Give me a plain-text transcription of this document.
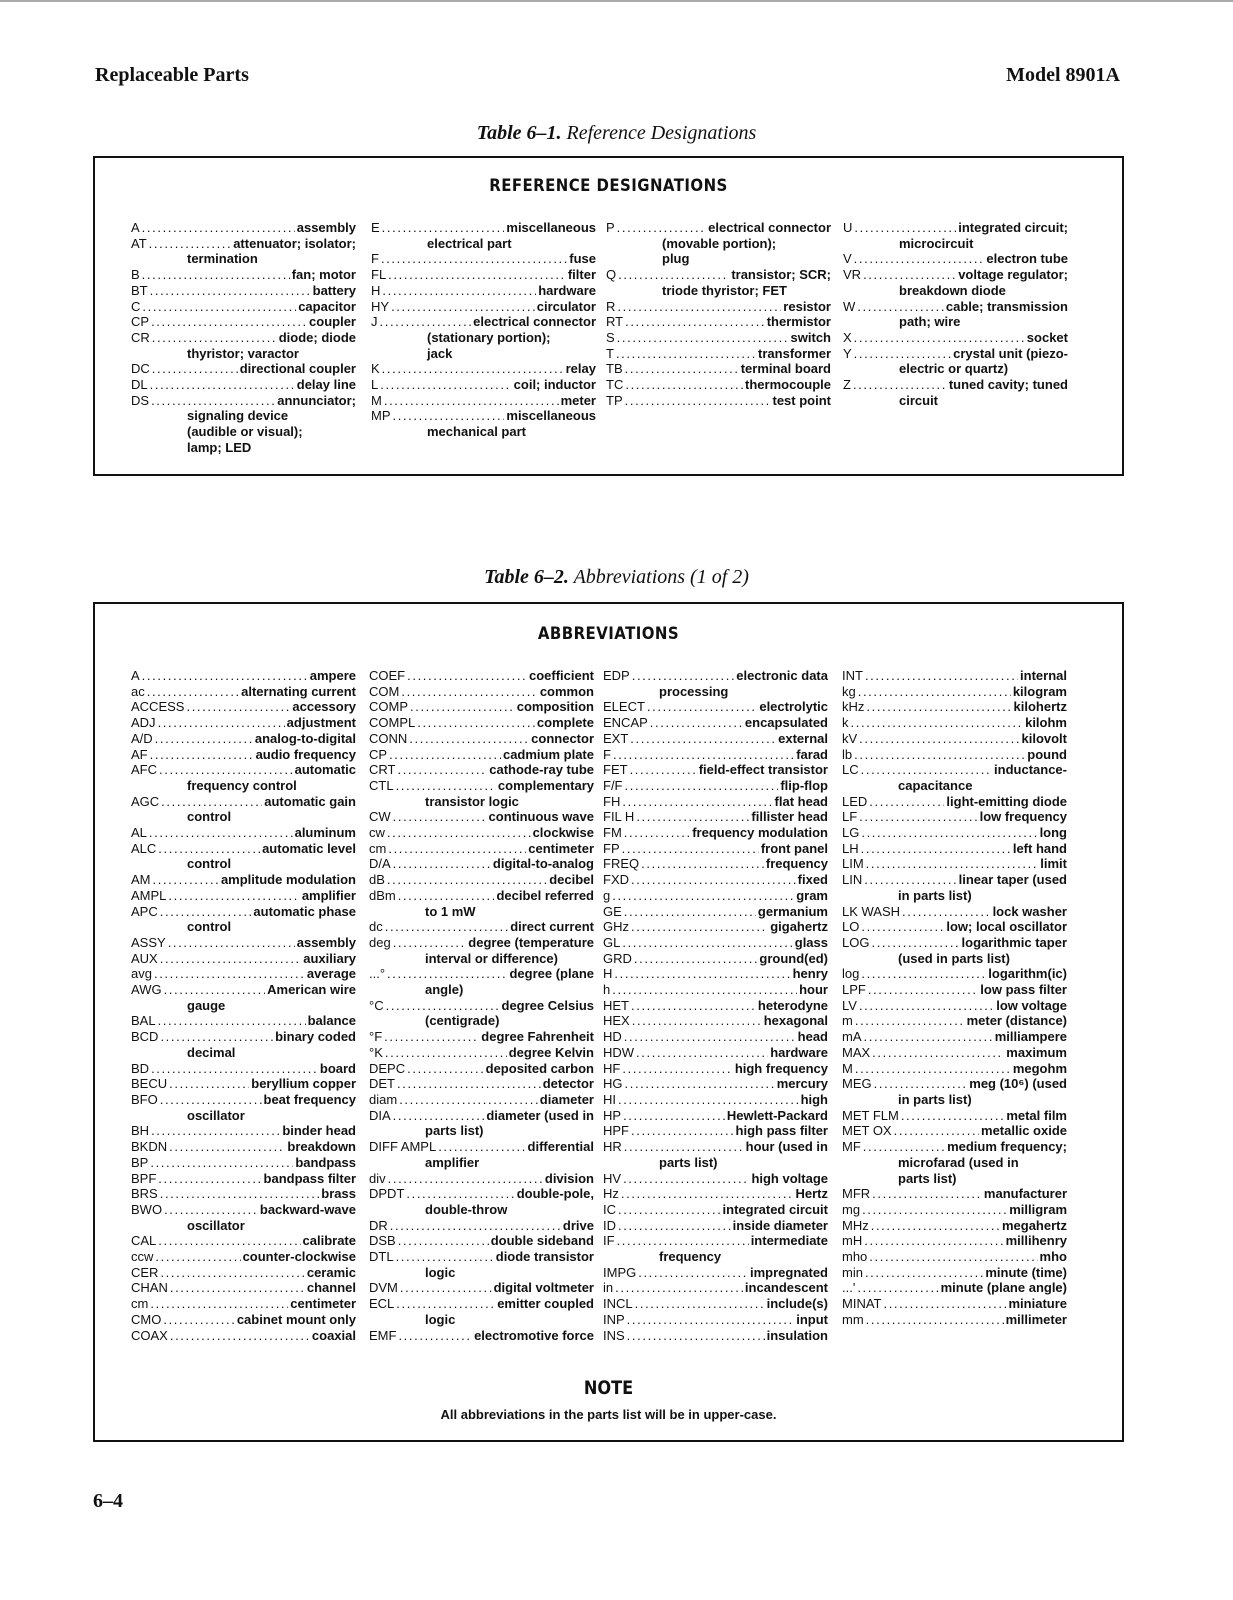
Replaceable Parts	Model 8901A
Table 6–1. Reference Designations
REFERENCE DESIGNATIONS
A . . .	assembly
AT . . .	attenuator; isolator;
termination
B . . .	fan; motor
BT . . .	battery
C . . .	capacitor
CP . . .	coupler
CR . . .	diode; diode
thyristor; varactor
DC . . .	directional coupler
DL . . .	delay line
DS . . .	annunciator;
signaling device
(audible or visual);
lamp; LED
E . . .	miscellaneous
electrical part
F . . .	fuse
FL . . .	filter
H . . .	hardware
HY . . .	circulator
J . . .	electrical connector
(stationary portion);
jack
K . . .	relay
L . . .	coil; inductor
M . . .	meter
MP . . .	miscellaneous
mechanical part
P . . .	electrical connector
(movable portion);
plug
Q . . .	transistor; SCR;
triode thyristor; FET
R . . .	resistor
RT . . .	thermistor
S . . .	switch
T . . .	transformer
TB . . .	terminal board
TC . . .	thermocouple
TP . . .	test point
U . . .	integrated circuit;
microcircuit
V . . .	electron tube
VR . . .	voltage regulator;
breakdown diode
W . . .	cable; transmission
path; wire
X . . .	socket
Y . . .	crystal unit (piezo-
electric or quartz)
Z . . .	tuned cavity; tuned
circuit
Table 6–2. Abbreviations (1 of 2)
ABBREVIATIONS
NOTE
All abbreviations in the parts list will be in upper-case.
A . . .	ampere
ac . . .	alternating current
ACCESS . . .	accessory
ADJ . . .	adjustment
A/D . . .	analog-to-digital
AF . . .	audio frequency
AFC . . .	automatic
frequency control
AGC . . .	automatic gain
control
AL . . .	aluminum
ALC . . .	automatic level
control
AM . . .	amplitude modulation
AMPL . . .	amplifier
APC . . .	automatic phase
control
ASSY . . .	assembly
AUX . . .	auxiliary
avg . . .	average
AWG . . .	American wire
gauge
BAL . . .	balance
BCD . . .	binary coded
decimal
BD . . .	board
BECU . . .	beryllium copper
BFO . . .	beat frequency
oscillator
BH . . .	binder head
BKDN . . .	breakdown
BP . . .	bandpass
BPF . . .	bandpass filter
BRS . . .	brass
BWO . . .	backward-wave
oscillator
CAL . . .	calibrate
ccw . . .	counter-clockwise
CER . . .	ceramic
CHAN . . .	channel
cm . . .	centimeter
CMO . . .	cabinet mount only
COAX . . .	coaxial
COEF . . .	coefficient
COM . . .	common
COMP . . .	composition
COMPL . . .	complete
CONN . . .	connector
CP . . .	cadmium plate
CRT . . .	cathode-ray tube
CTL . . .	complementary
transistor logic
CW . . .	continuous wave
cw . . .	clockwise
cm . . .	centimeter
D/A . . .	digital-to-analog
dB . . .	decibel
dBm . . .	decibel referred
to 1 mW
dc . . .	direct current
deg . . .	degree (temperature
interval or difference)
...° . . .	degree (plane
angle)
°C . . .	degree Celsius
(centigrade)
°F . . .	degree Fahrenheit
°K . . .	degree Kelvin
DEPC . . .	deposited carbon
DET . . .	detector
diam . . .	diameter
DIA . . .	diameter (used in
parts list)
DIFF AMPL . . .	differential
amplifier
div . . .	division
DPDT . . .	double-pole,
double-throw
DR . . .	drive
DSB . . .	double sideband
DTL . . .	diode transistor
logic
DVM . . .	digital voltmeter
ECL . . .	emitter coupled
logic
EMF . . .	electromotive force
EDP . . .	electronic data
processing
ELECT . . .	electrolytic
ENCAP . . .	encapsulated
EXT . . .	external
F . . .	farad
FET . . .	field-effect transistor
F/F . . .	flip-flop
FH . . .	flat head
FIL H . . .	fillister head
FM . . .	frequency modulation
FP . . .	front panel
FREQ . . .	frequency
FXD . . .	fixed
g . . .	gram
GE . . .	germanium
GHz . . .	gigahertz
GL . . .	glass
GRD . . .	ground(ed)
H . . .	henry
h . . .	hour
HET . . .	heterodyne
HEX . . .	hexagonal
HD . . .	head
HDW . . .	hardware
HF . . .	high frequency
HG . . .	mercury
HI . . .	high
HP . . .	Hewlett-Packard
HPF . . .	high pass filter
HR . . .	hour (used in
parts list)
HV . . .	high voltage
Hz . . .	Hertz
IC . . .	integrated circuit
ID . . .	inside diameter
IF . . .	intermediate
frequency
IMPG . . .	impregnated
in . . .	incandescent
INCL . . .	include(s)
INP . . .	input
INS . . .	insulation
INT . . .	internal
kg . . .	kilogram
kHz . . .	kilohertz
k . . .	kilohm
kV . . .	kilovolt
lb . . .	pound
LC . . .	inductance-
capacitance
LED . . .	light-emitting diode
LF . . .	low frequency
LG . . .	long
LH . . .	left hand
LIM . . .	limit
LIN . . .	linear taper (used
in parts list)
LK WASH . . .	lock washer
LO . . .	low; local oscillator
LOG . . .	logarithmic taper
(used in parts list)
log . . .	logarithm(ic)
LPF . . .	low pass filter
LV . . .	low voltage
m . . .	meter (distance)
mA . . .	milliampere
MAX . . .	maximum
M . . .	megohm
MEG . . .	meg (10⁶) (used
in parts list)
MET FLM . . .	metal film
MET OX . . .	metallic oxide
MF . . .	medium frequency;
microfarad (used in
parts list)
MFR . . .	manufacturer
mg . . .	milligram
MHz . . .	megahertz
mH . . .	millihenry
mho . . .	mho
min . . .	minute (time)
...' . . .	minute (plane angle)
MINAT . . .	miniature
mm . . .	millimeter
6–4
